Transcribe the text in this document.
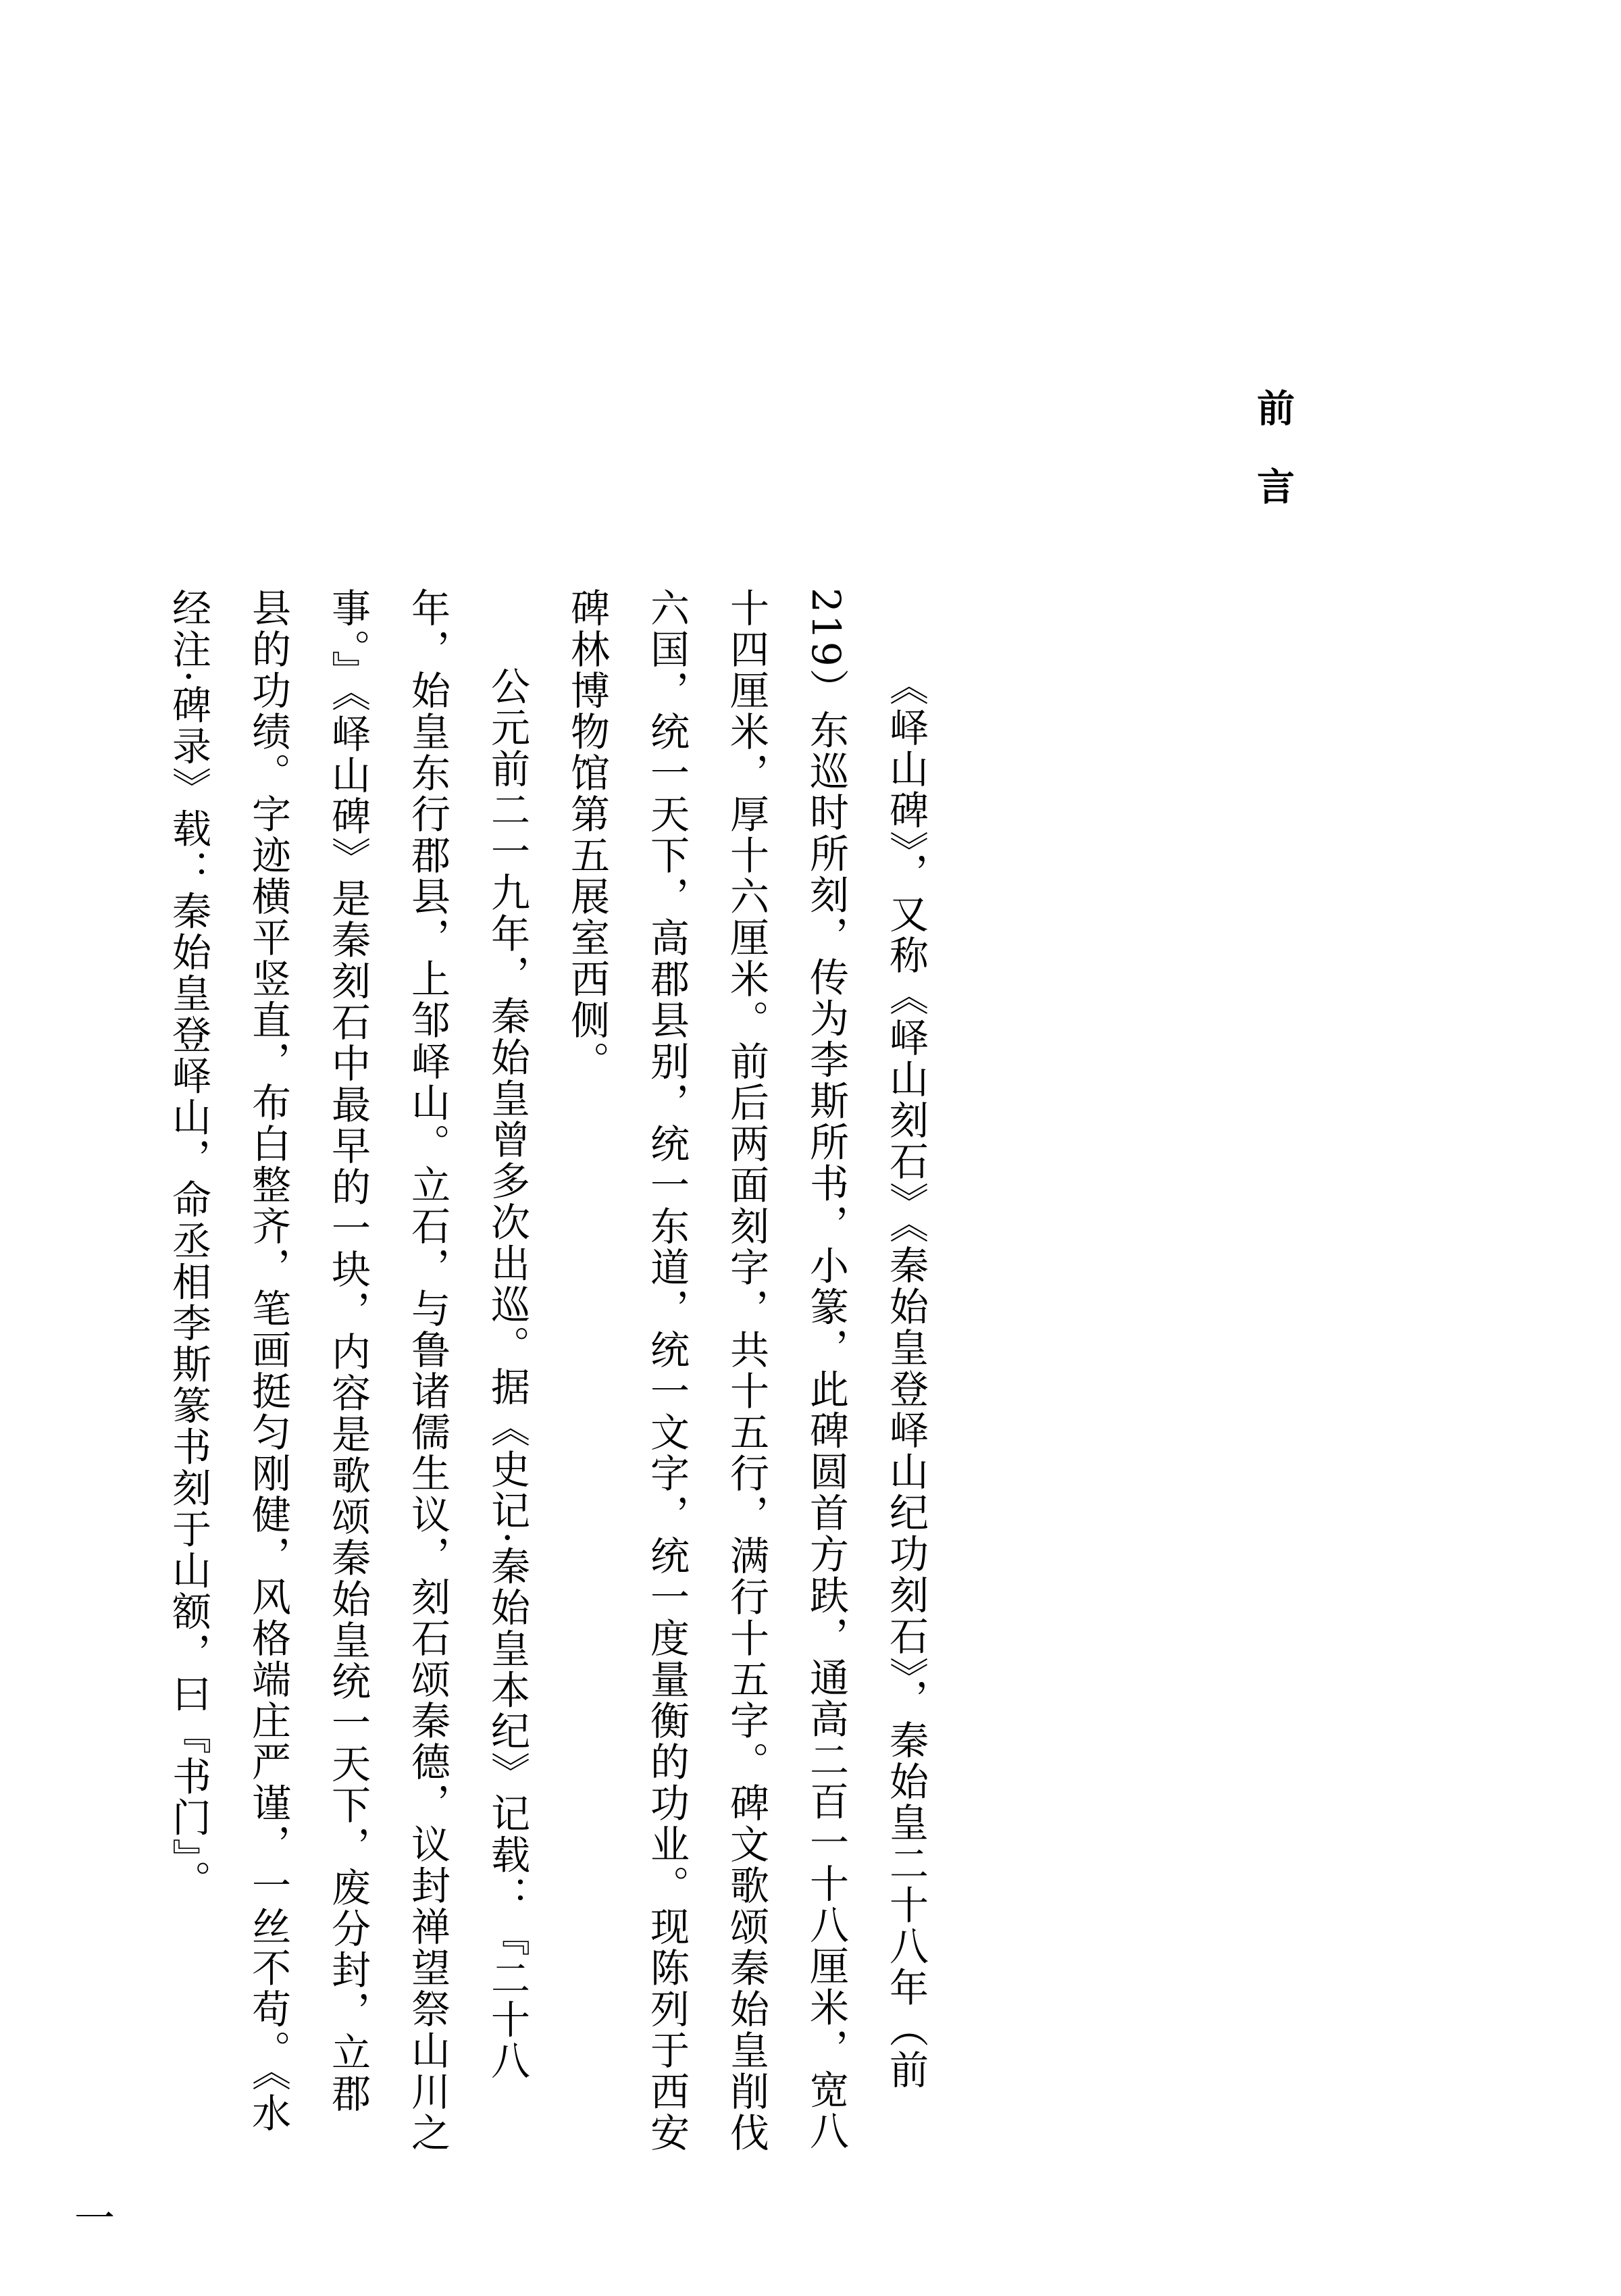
前言

《峄山碑》，又称《峄山刻石》《秦始皇登峄山纪功刻石》，秦始皇二十八年（前219）东巡时所刻，传为李斯所书，小篆，此碑圆首方趺，通高二百一十八厘米，宽八十四厘米，厚十六厘米。前后两面刻字，共十五行，满行十五字。碑文歌颂秦始皇削伐六国，统一天下，高郡县别，统一东道，统一文字，统一度量衡的功业。现陈列于西安碑林博物馆第五展室西侧。

公元前二一九年，秦始皇曾多次出巡。据《史记·秦始皇本纪》记载：『二十八年，始皇东行郡县，上邹峄山。立石，与鲁诸儒生议，刻石颂秦德，议封禅望祭山川之事。』《峄山碑》是秦刻石中最早的一块，内容是歌颂秦始皇统一天下，废分封，立郡县的功绩。字迹横平竖直，布白整齐，笔画挺匀刚健，风格端庄严谨，一丝不苟。《水经注·碑录》载：秦始皇登峄山，命丞相李斯篆书刻于山额，曰『书门』。

一
